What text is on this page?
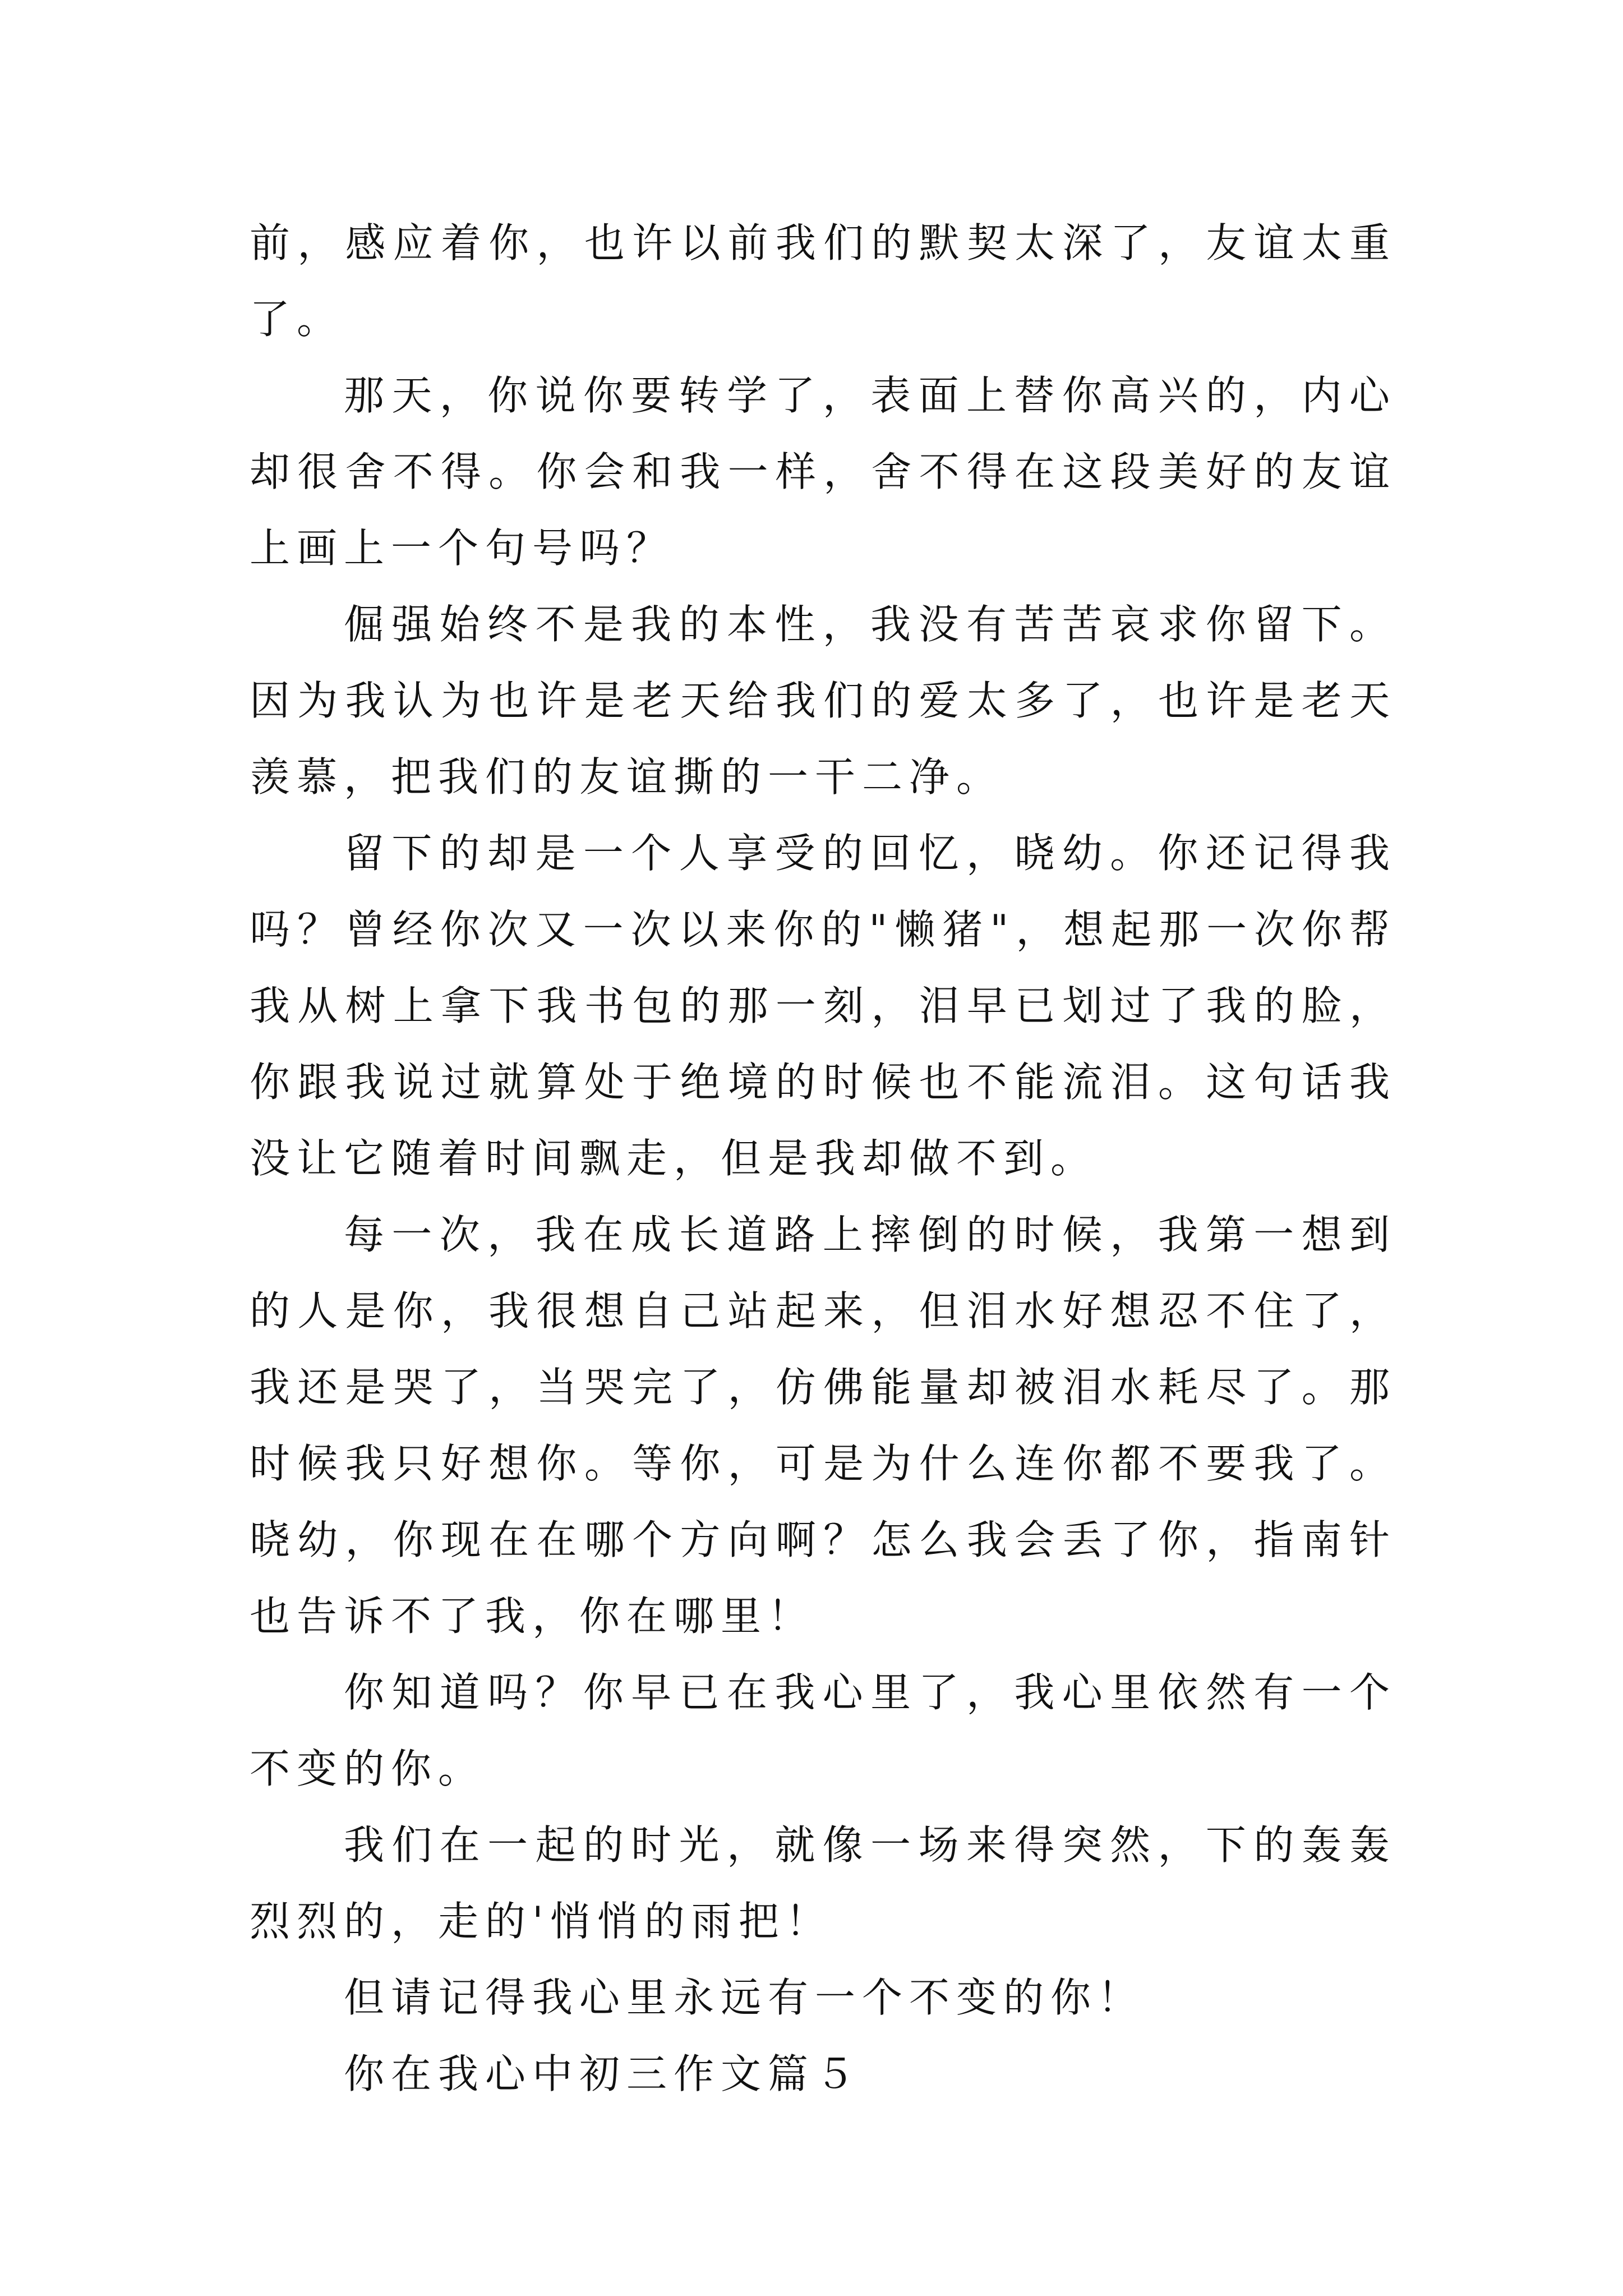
前，感应着你，也许以前我们的默契太深了，友谊太重了。

那天，你说你要转学了，表面上替你高兴的，内心却很舍不得。你会和我一样，舍不得在这段美好的友谊上画上一个句号吗？

倔强始终不是我的本性，我没有苦苦哀求你留下。因为我认为也许是老天给我们的爱太多了，也许是老天羡慕，把我们的友谊撕的一干二净。

留下的却是一个人享受的回忆，晓幼。你还记得我吗？曾经你次又一次以来你的"懒猪"，想起那一次你帮我从树上拿下我书包的那一刻，泪早已划过了我的脸，你跟我说过就算处于绝境的时候也不能流泪。这句话我没让它随着时间飘走，但是我却做不到。

每一次，我在成长道路上摔倒的时候，我第一想到的人是你，我很想自己站起来，但泪水好想忍不住了，我还是哭了，当哭完了，仿佛能量却被泪水耗尽了。那时候我只好想你。等你，可是为什么连你都不要我了。晓幼，你现在在哪个方向啊？怎么我会丢了你，指南针也告诉不了我，你在哪里！

你知道吗？你早已在我心里了，我心里依然有一个不变的你。

我们在一起的时光，就像一场来得突然，下的轰轰烈烈的，走的'悄悄的雨把！

但请记得我心里永远有一个不变的你！

你在我心中初三作文篇５
